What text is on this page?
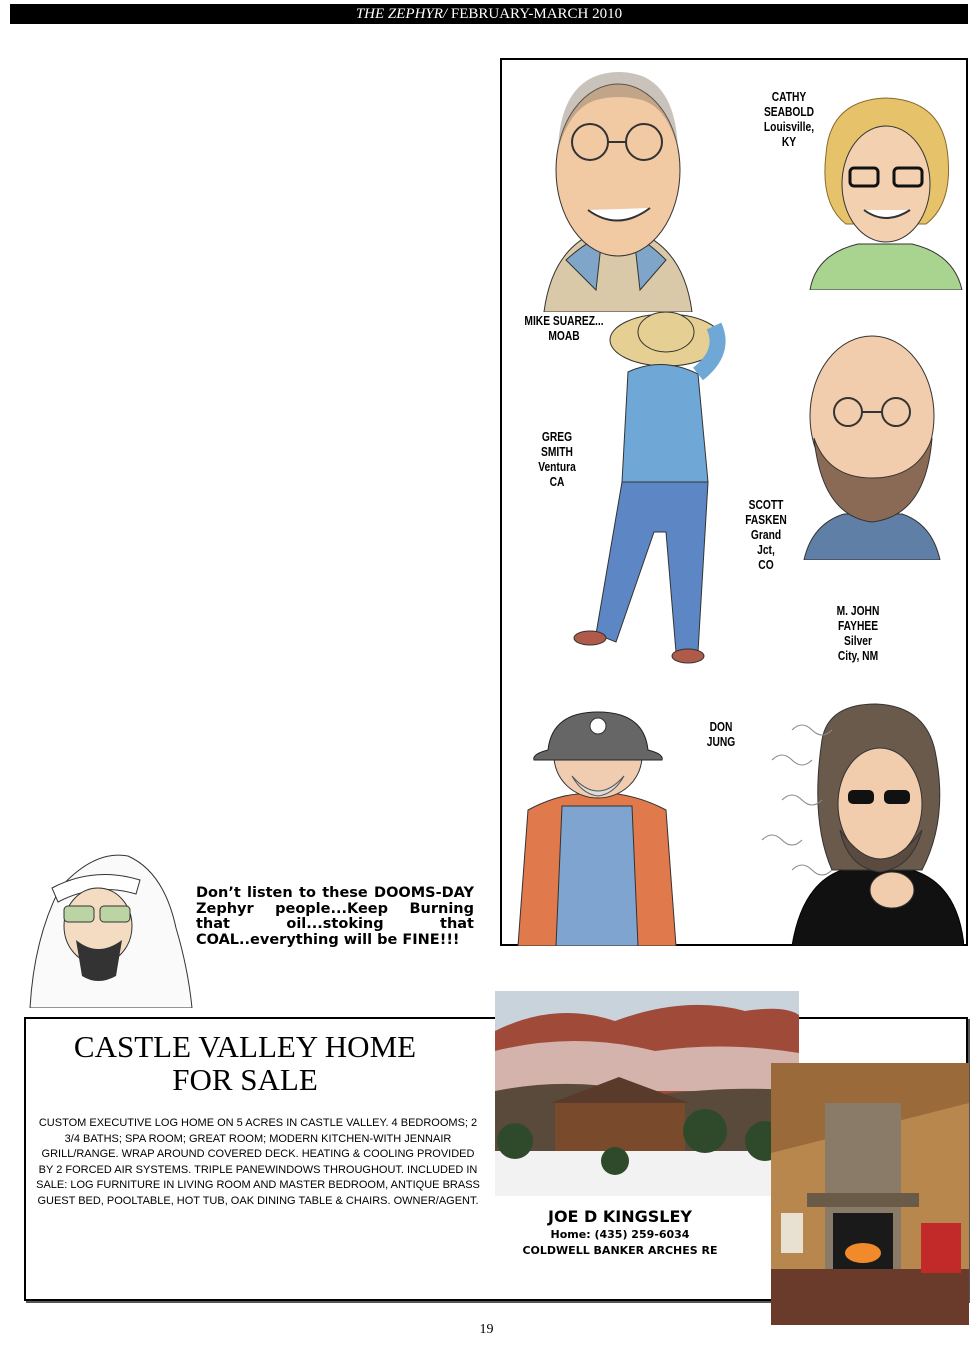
THE ZEPHYR/ FEBRUARY-MARCH 2010
CATHY
SEABOLD
Louisville,
KY
MIKE SUAREZ...
MOAB
GREG
SMITH
Ventura
CA
SCOTT
FASKEN
Grand
Jct,
CO
M. JOHN
FAYHEE
Silver
City, NM
DON
JUNG
Don’t listen to these DOOMS-DAY Zephyr people...Keep Burning that oil...stoking that COAL..everything will be FINE!!!
CASTLE VALLEY HOME
FOR SALE
CUSTOM EXECUTIVE LOG HOME ON 5 ACRES IN CASTLE VALLEY. 4 BEDROOMS; 2 3/4 BATHS; SPA ROOM; GREAT ROOM; MODERN KITCHEN-WITH JENNAIR GRILL/RANGE. WRAP AROUND COVERED DECK. HEATING & COOLING PROVIDED BY 2 FORCED AIR SYSTEMS. TRIPLE PANEWINDOWS THROUGHOUT. INCLUDED IN SALE: LOG FURNITURE IN LIVING ROOM AND MASTER BEDROOM, ANTIQUE BRASS GUEST BED, POOLTABLE, HOT TUB, OAK DINING TABLE & CHAIRS. OWNER/AGENT.
JOE D KINGSLEY
Home: (435) 259-6034
COLDWELL BANKER ARCHES RE
19
